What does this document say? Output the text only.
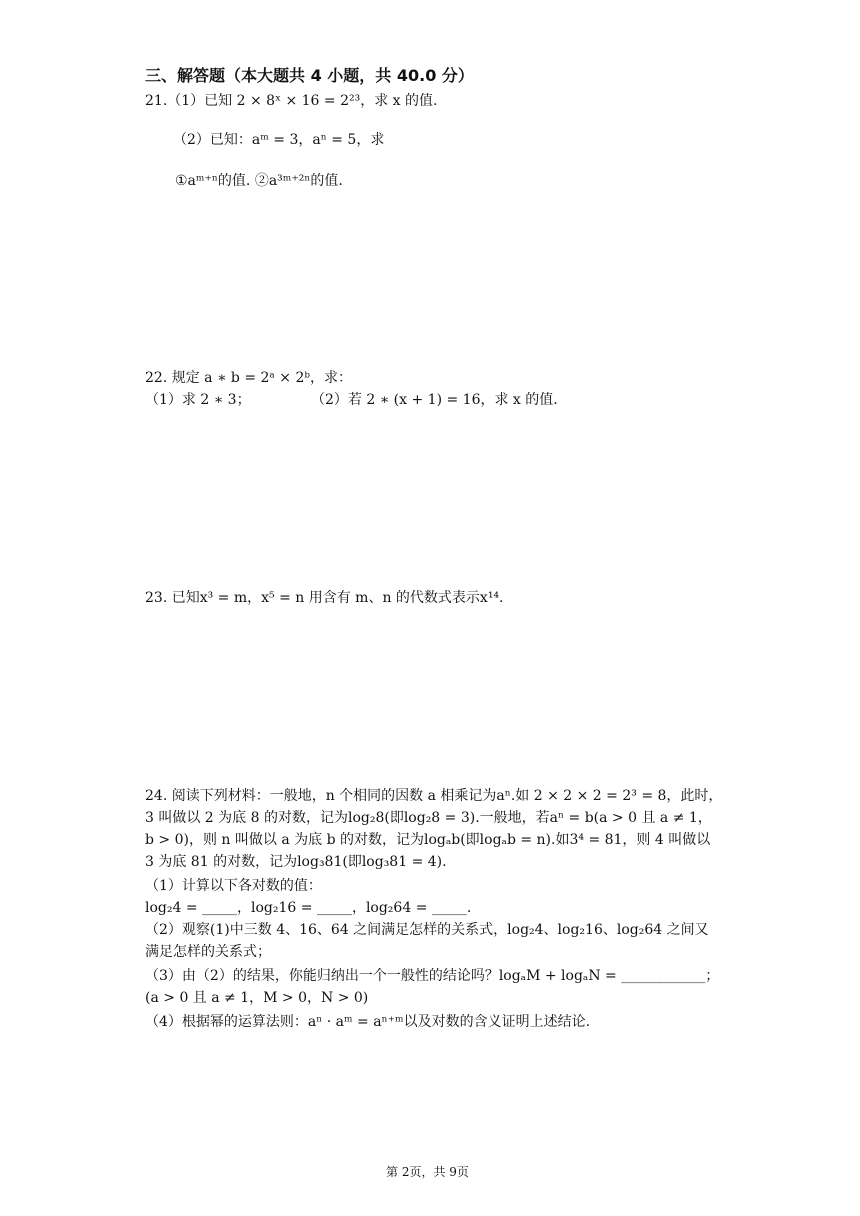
三、解答题（本大题共 4 小题，共 40.0 分）
21.（1）已知 2 × 8ˣ × 16 = 2²³，求 x 的值.
（2）已知：aᵐ = 3，aⁿ = 5，求
①aᵐ⁺ⁿ的值. ②a³ᵐ⁺²ⁿ的值.
22. 规定 a ∗ b = 2ᵃ × 2ᵇ，求：
（1）求 2 ∗ 3；	（2）若 2 ∗ (x + 1) = 16，求 x 的值.
23. 已知x³ = m，x⁵ = n 用含有 m、n 的代数式表示x¹⁴.
24. 阅读下列材料：一般地，n 个相同的因数 a 相乘记为aⁿ.如 2 × 2 × 2 = 2³ = 8，此时，
3 叫做以 2 为底 8 的对数，记为log₂8(即log₂8 = 3).一般地，若aⁿ = b(a > 0 且 a ≠ 1，
b > 0)，则 n 叫做以 a 为底 b 的对数，记为logₐb(即logₐb = n).如3⁴ = 81，则 4 叫做以
3 为底 81 的对数，记为log₃81(即log₃81 = 4).
（1）计算以下各对数的值：
log₂4 = _____，log₂16 = _____，log₂64 = _____.
（2）观察(1)中三数 4、16、64 之间满足怎样的关系式，log₂4、log₂16、log₂64 之间又
满足怎样的关系式；
（3）由（2）的结果，你能归纳出一个一般性的结论吗？logₐM + logₐN = ____________；
(a > 0 且 a ≠ 1，M > 0，N > 0)
（4）根据幂的运算法则：aⁿ · aᵐ = aⁿ⁺ᵐ以及对数的含义证明上述结论.
第 2页，共 9页
